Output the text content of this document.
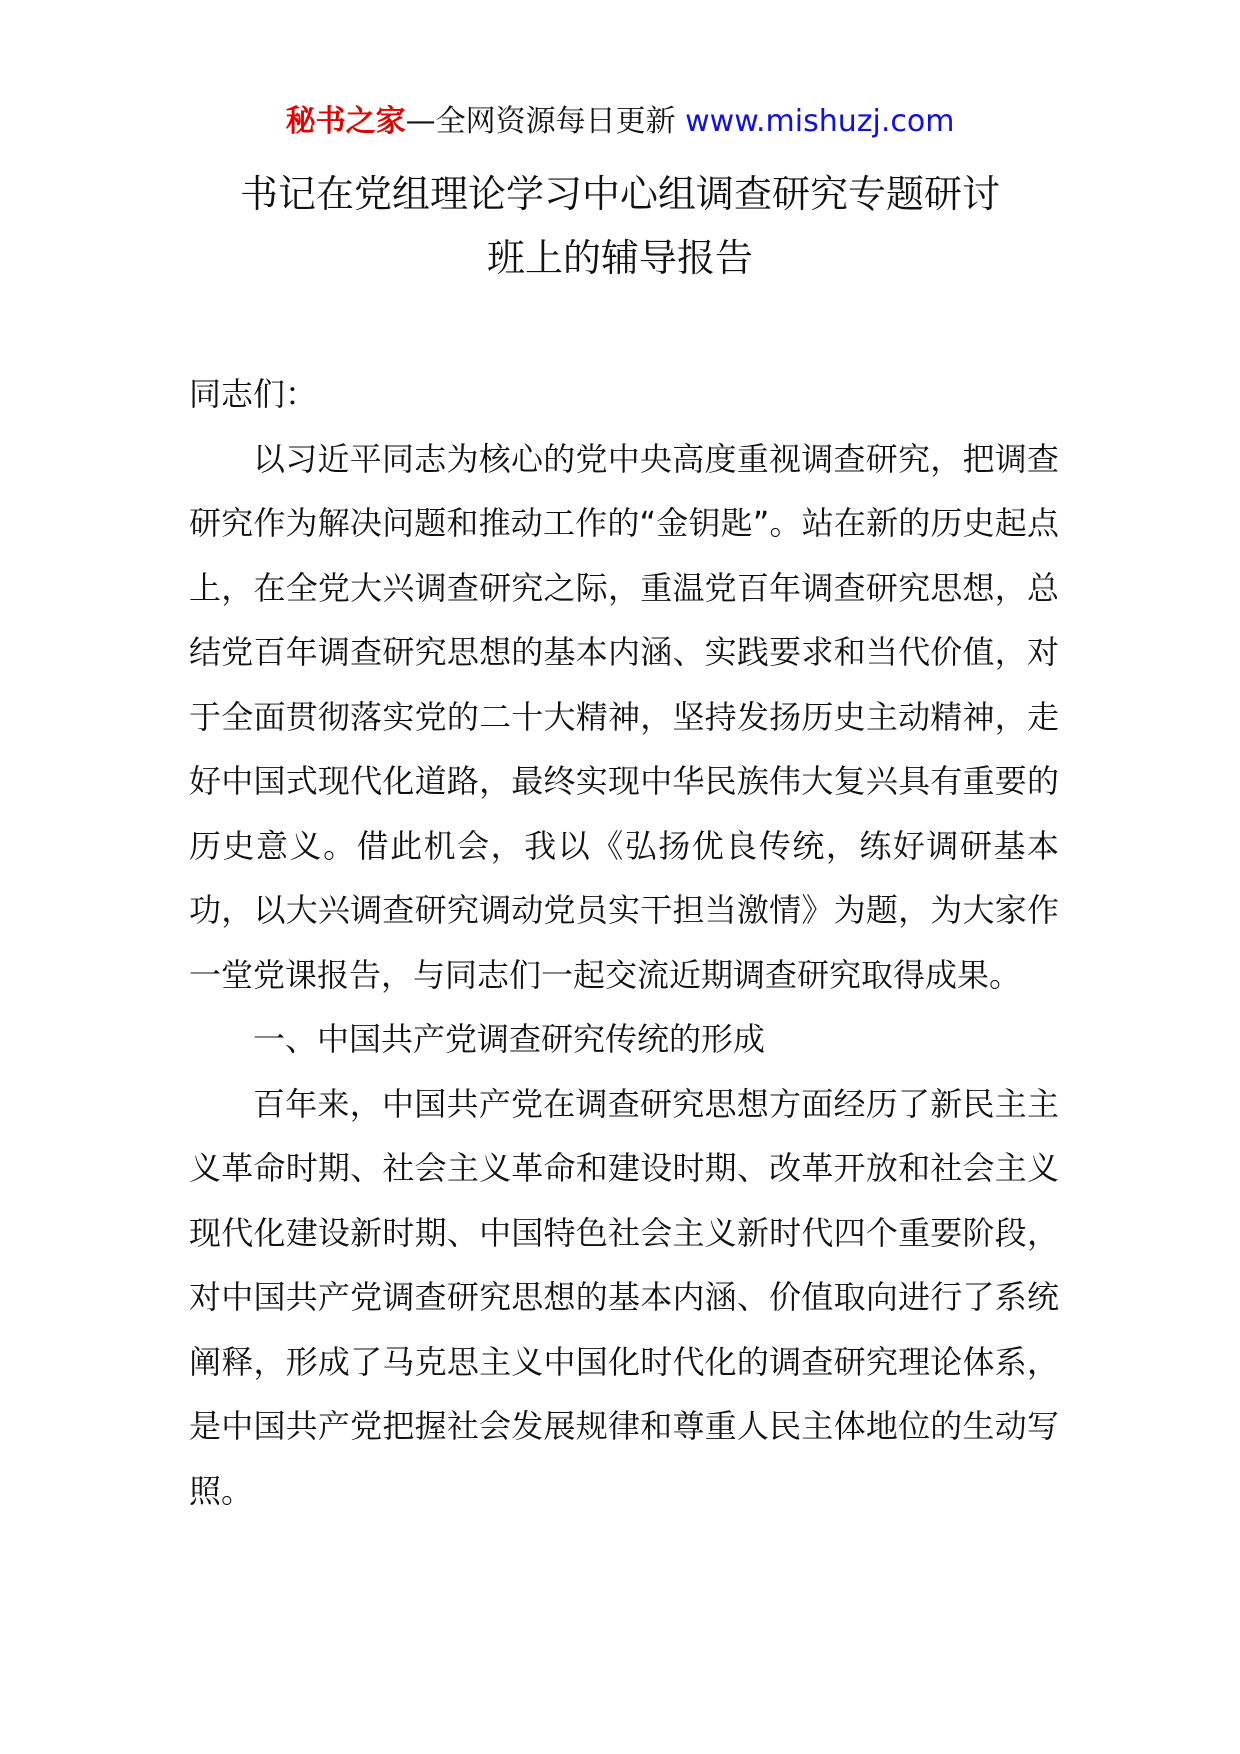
秘书之家—全网资源每日更新 www.mishuzj.com
书记在党组理论学习中心组调查研究专题研讨
班上的辅导报告

同志们：

以习近平同志为核心的党中央高度重视调查研究，把调查研究作为解决问题和推动工作的“金钥匙”。站在新的历史起点上，在全党大兴调查研究之际，重温党百年调查研究思想，总结党百年调查研究思想的基本内涵、实践要求和当代价值，对于全面贯彻落实党的二十大精神，坚持发扬历史主动精神，走好中国式现代化道路，最终实现中华民族伟大复兴具有重要的历史意义。借此机会，我以《弘扬优良传统，练好调研基本功，以大兴调查研究调动党员实干担当激情》为题，为大家作一堂党课报告，与同志们一起交流近期调查研究取得成果。

一、中国共产党调查研究传统的形成

百年来，中国共产党在调查研究思想方面经历了新民主主义革命时期、社会主义革命和建设时期、改革开放和社会主义现代化建设新时期、中国特色社会主义新时代四个重要阶段，对中国共产党调查研究思想的基本内涵、价值取向进行了系统阐释，形成了马克思主义中国化时代化的调查研究理论体系，是中国共产党把握社会发展规律和尊重人民主体地位的生动写照。
